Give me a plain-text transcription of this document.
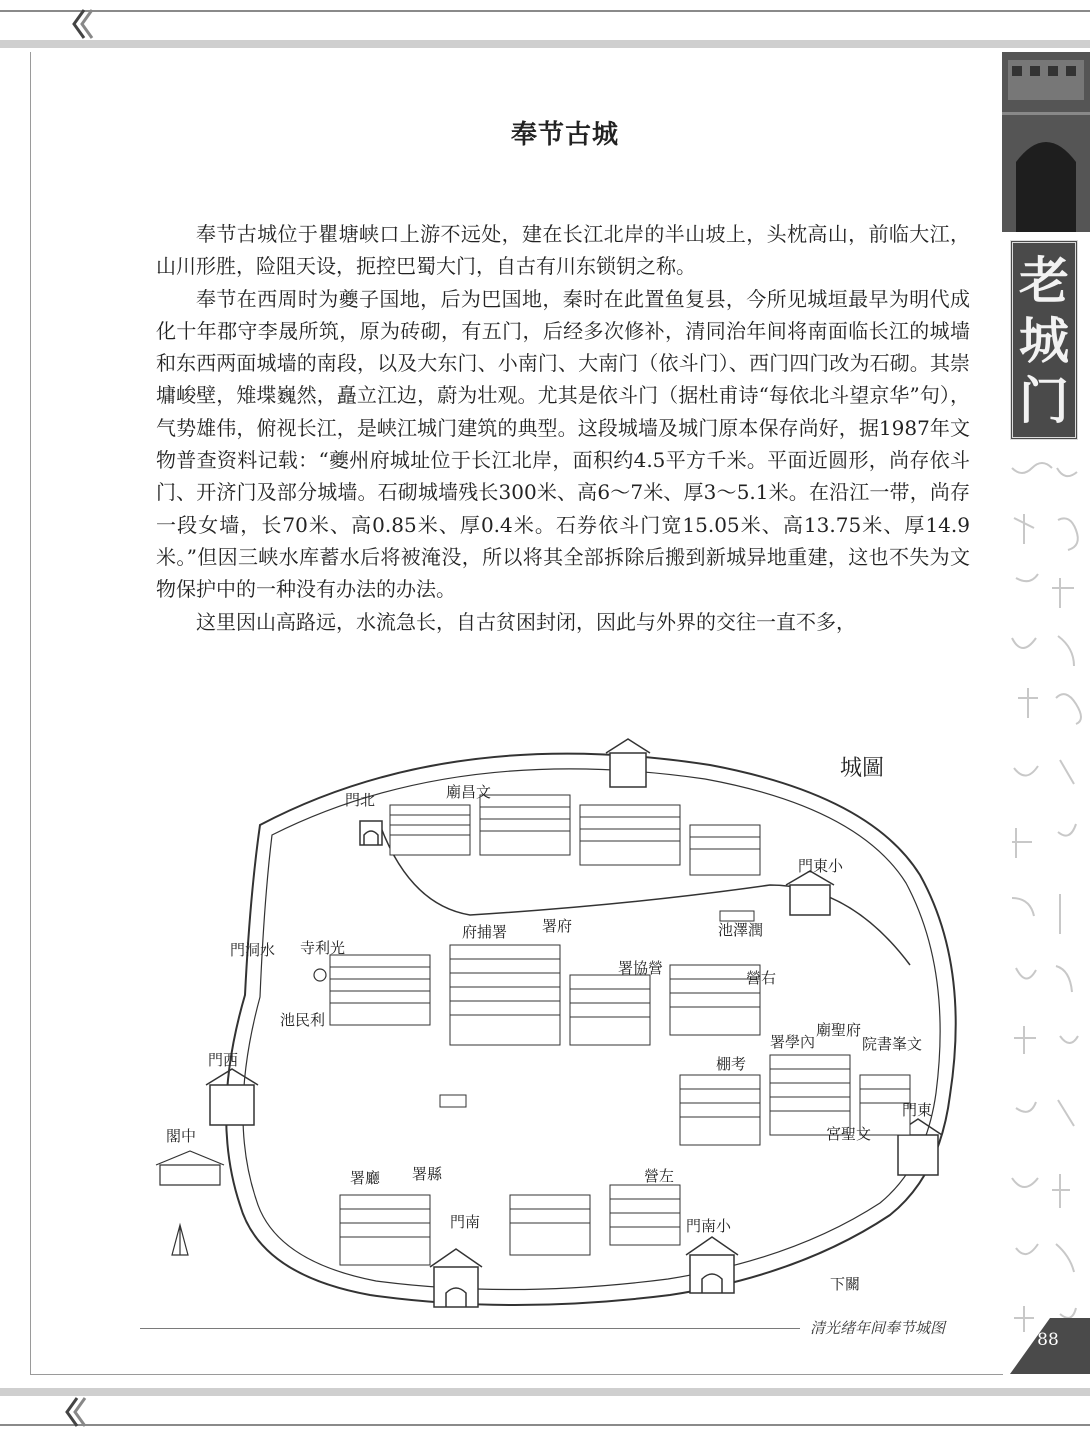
老
城
门
奉节古城

奉节古城位于瞿塘峡口上游不远处，建在长江北岸的半山坡上，头枕高山，前临大江，山川形胜，险阻天设，扼控巴蜀大门，自古有川东锁钥之称。

奉节在西周时为夔子国地，后为巴国地，秦时在此置鱼复县，今所见城垣最早为明代成化十年郡守李晟所筑，原为砖砌，有五门，后经多次修补，清同治年间将南面临长江的城墙和东西两面城墙的南段，以及大东门、小南门、大南门（依斗门）、西门四门改为石砌。其崇墉峻壁，雉堞巍然，矗立江边，蔚为壮观。尤其是依斗门（据杜甫诗“每依北斗望京华”句），气势雄伟，俯视长江，是峡江城门建筑的典型。这段城墙及城门原本保存尚好，据1987年文物普查资料记载：“夔州府城址位于长江北岸，面积约4.5平方千米。平面近圆形，尚存依斗门、开济门及部分城墙。石砌城墙残长300米、高6～7米、厚3～5.1米。在沿江一带，尚存一段女墙，长70米、高0.85米、厚0.4米。石券依斗门宽15.05米、高13.75米、厚14.9米。”但因三峡水库蓄水后将被淹没，所以将其全部拆除后搬到新城异地重建，这也不失为文物保护中的一种没有办法的办法。

这里因山高路远，水流急长，自古贫困封闭，因此与外界的交往一直不多，

城圖
門北
門東小
門東
門西
門洞水
門南	門南小
下關
署府
署縣
署廳
府捕署
署協營
營右
營左
棚考
署學內
廟聖府
院書峯文
池澤潤
宮聖文
廟昌文
閣中
池民利
寺利光
清光绪年间奉节城图
88
